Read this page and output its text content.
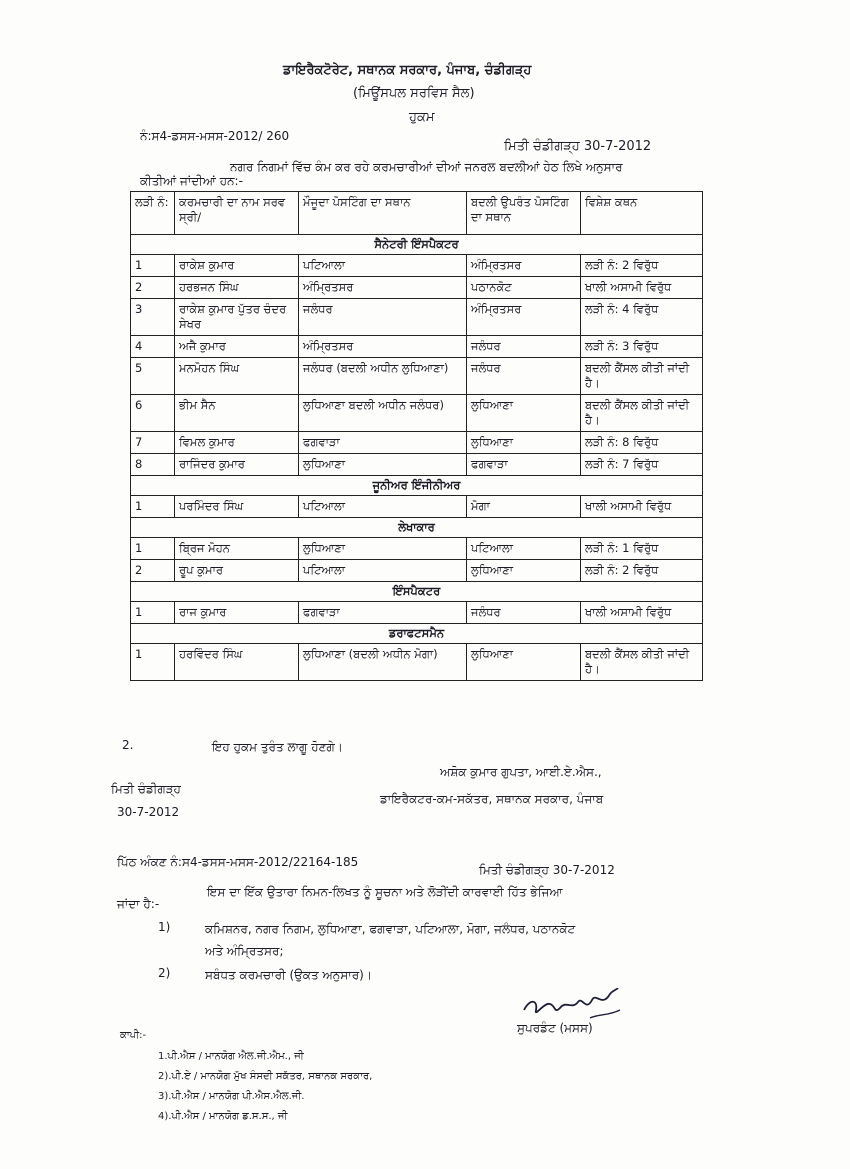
ਡਾਇਰੈਕਟੋਰੇਟ, ਸਥਾਨਕ ਸਰਕਾਰ, ਪੰਜਾਬ, ਚੰਡੀਗੜ੍ਹ
(ਮਿਊਂਸਪਲ ਸਰਵਿਸ ਸੈਲ)
ਹੁਕਮ
ਨੰ:ਸ4-ਡਸਸ-ਮਸਸ-2012/ 260
ਮਿਤੀ ਚੰਡੀਗੜ੍ਹ 30-7-2012
ਨਗਰ ਨਿਗਮਾਂ ਵਿੱਚ ਕੰਮ ਕਰ ਰਹੇ ਕਰਮਚਾਰੀਆਂ ਦੀਆਂ ਜਨਰਲ ਬਦਲੀਆਂ ਹੇਠ ਲਿਖੇ ਅਨੁਸਾਰ
ਕੀਤੀਆਂ ਜਾਂਦੀਆਂ ਹਨ:-
ਲੜੀ ਨੰ:	ਕਰਮਚਾਰੀ ਦਾ ਨਾਮ ਸਰਵ ਸ੍ਰੀ/	ਮੌਜੂਦਾ ਪੋਸਟਿੰਗ ਦਾ ਸਥਾਨ	ਬਦਲੀ ਉਪਰੰਤ ਪੋਸਟਿੰਗ ਦਾ ਸਥਾਨ	ਵਿਸ਼ੇਸ਼ ਕਥਨ
ਸੈਨੇਟਰੀ ਇੰਸਪੈਕਟਰ				
1	ਰਾਕੇਸ਼ ਕੁਮਾਰ	ਪਟਿਆਲਾ	ਅੰਮ੍ਰਿਤਸਰ	ਲੜੀ ਨੰ: 2 ਵਿਰੁੱਧ
2	ਹਰਭਜਨ ਸਿੰਘ	ਅੰਮ੍ਰਿਤਸਰ	ਪਠਾਨਕੋਟ	ਖਾਲੀ ਅਸਾਮੀ ਵਿਰੁੱਧ
3	ਰਾਕੇਸ਼ ਕੁਮਾਰ ਪੁੱਤਰ ਚੰਦਰ ਸੇਖਰ	ਜਲੰਧਰ	ਅੰਮ੍ਰਿਤਸਰ	ਲੜੀ ਨੰ: 4 ਵਿਰੁੱਧ
4	ਅਜੈ ਕੁਮਾਰ	ਅੰਮ੍ਰਿਤਸਰ	ਜਲੰਧਰ	ਲੜੀ ਨੰ: 3 ਵਿਰੁੱਧ
5	ਮਨਮੋਹਨ ਸਿੰਘ	ਜਲੰਧਰ (ਬਦਲੀ ਅਧੀਨ ਲੁਧਿਆਣਾ)	ਜਲੰਧਰ	ਬਦਲੀ ਕੈਂਸਲ ਕੀਤੀ ਜਾਂਦੀ ਹੈ।
6	ਭੀਮ ਸੈਨ	ਲੁਧਿਆਣਾ ਬਦਲੀ ਅਧੀਨ ਜਲੰਧਰ)	ਲੁਧਿਆਣਾ	ਬਦਲੀ ਕੈਂਸਲ ਕੀਤੀ ਜਾਂਦੀ ਹੈ।
7	ਵਿਮਲ ਕੁਮਾਰ	ਫਗਵਾੜਾ	ਲੁਧਿਆਣਾ	ਲੜੀ ਨੰ: 8 ਵਿਰੁੱਧ
8	ਰਾਜਿੰਦਰ ਕੁਮਾਰ	ਲੁਧਿਆਣਾ	ਫਗਵਾੜਾ	ਲੜੀ ਨੰ: 7 ਵਿਰੁੱਧ
ਜੂਨੀਅਰ ਇੰਜੀਨੀਅਰ				
1	ਪਰਮਿੰਦਰ ਸਿੰਘ	ਪਟਿਆਲਾ	ਮੋਗਾ	ਖਾਲੀ ਅਸਾਮੀ ਵਿਰੁੱਧ
ਲੇਖਾਕਾਰ				
1	ਬ੍ਰਿਜ ਮੋਹਨ	ਲੁਧਿਆਣਾ	ਪਟਿਆਲਾ	ਲੜੀ ਨੰ: 1 ਵਿਰੁੱਧ
2	ਰੂਪ ਕੁਮਾਰ	ਪਟਿਆਲਾ	ਲੁਧਿਆਣਾ	ਲੜੀ ਨੰ: 2 ਵਿਰੁੱਧ
ਇੰਸਪੈਕਟਰ				
1	ਰਾਜ ਕੁਮਾਰ	ਫਗਵਾੜਾ	ਜਲੰਧਰ	ਖਾਲੀ ਅਸਾਮੀ ਵਿਰੁੱਧ
ਡਰਾਫਟਸਮੈਨ				
1	ਹਰਵਿੰਦਰ ਸਿੰਘ	ਲੁਧਿਆਣਾ (ਬਦਲੀ ਅਧੀਨ ਮੋਗਾ)	ਲੁਧਿਆਣਾ	ਬਦਲੀ ਕੈਂਸਲ ਕੀਤੀ ਜਾਂਦੀ ਹੈ।
2.	ਇਹ ਹੁਕਮ ਤੁਰੰਤ ਲਾਗੂ ਹੋਣਗੇ।
ਅਸ਼ੋਕ ਕੁਮਾਰ ਗੁਪਤਾ, ਆਈ.ਏ.ਐਸ.,
ਡਾਇਰੈਕਟਰ-ਕਮ-ਸਕੱਤਰ, ਸਥਾਨਕ ਸਰਕਾਰ, ਪੰਜਾਬ
ਮਿਤੀ ਚੰਡੀਗੜ੍ਹ
30-7-2012
ਪਿੱਠ ਅੰਕਣ ਨੰ:ਸ4-ਡਸਸ-ਮਸਸ-2012/22164-185
ਮਿਤੀ ਚੰਡੀਗੜ੍ਹ 30-7-2012
ਇਸ ਦਾ ਇੱਕ ਉਤਾਰਾ ਨਿਮਨ-ਲਿਖਤ ਨੂੰ ਸੂਚਨਾ ਅਤੇ ਲੋੜੀਂਦੀ ਕਾਰਵਾਈ ਹਿੱਤ ਭੇਜਿਆ
ਜਾਂਦਾ ਹੈ:-
1)	ਕਮਿਸ਼ਨਰ, ਨਗਰ ਨਿਗਮ, ਲੁਧਿਆਣਾ, ਫਗਵਾੜਾ, ਪਟਿਆਲਾ, ਮੋਗਾ, ਜਲੰਧਰ, ਪਠਾਨਕੋਟ
ਅਤੇ ਅੰਮ੍ਰਿਤਸਰ;
2)	ਸਬੰਧਤ ਕਰਮਚਾਰੀ (ਉਕਤ ਅਨੁਸਾਰ)।
ਸੁਪਰਡੰਟ (ਮਸਸ)
ਕਾਪੀ:-
1.ਪੀ.ਐਸ / ਮਾਨਯੋਗ ਐਲ.ਜੀ.ਐਮ., ਜੀ
2).ਪੀ.ਏ / ਮਾਨਯੋਗ ਮੁੱਖ ਸੰਸਦੀ ਸਕੱਤਰ, ਸਥਾਨਕ ਸਰਕਾਰ,
3).ਪੀ.ਐਸ / ਮਾਨਯੋਗ ਪੀ.ਐਸ.ਐਲ.ਜੀ.
4).ਪੀ.ਐਸ / ਮਾਨਯੋਗ ਡ.ਸ.ਸ., ਜੀ
